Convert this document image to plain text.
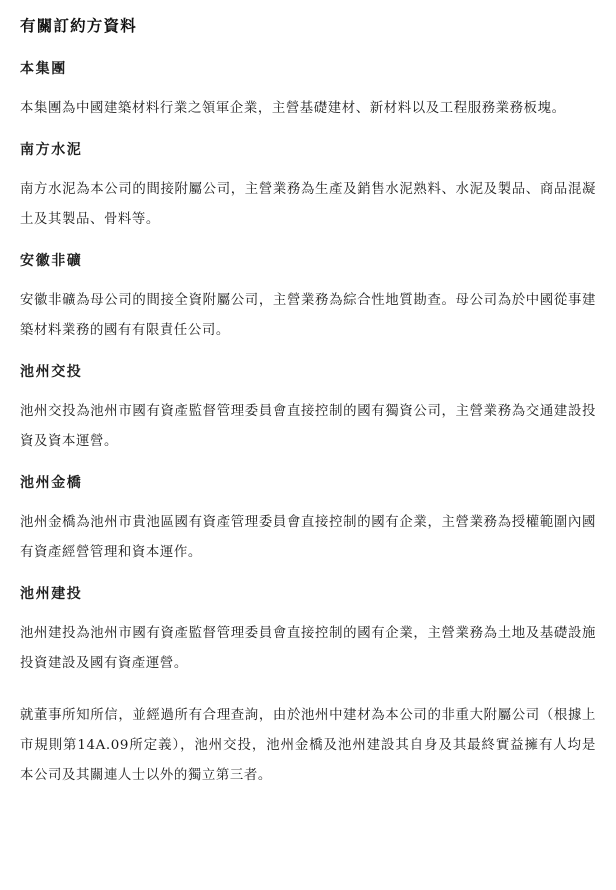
有關訂約方資料
本集團

本集團為中國建築材料行業之領軍企業，主營基礎建材、新材料以及工程服務業務板塊。

南方水泥

南方水泥為本公司的間接附屬公司，主營業務為生產及銷售水泥熟料、水泥及製品、商品混凝土及其製品、骨料等。

安徽非礦

安徽非礦為母公司的間接全資附屬公司，主營業務為綜合性地質勘查。母公司為於中國從事建築材料業務的國有有限責任公司。

池州交投

池州交投為池州市國有資產監督管理委員會直接控制的國有獨資公司，主營業務為交通建設投資及資本運營。

池州金橋

池州金橋為池州市貴池區國有資產管理委員會直接控制的國有企業，主營業務為授權範圍內國有資產經營管理和資本運作。

池州建投

池州建投為池州市國有資產監督管理委員會直接控制的國有企業，主營業務為土地及基礎設施投資建設及國有資產運營。

就董事所知所信，並經過所有合理查詢，由於池州中建材為本公司的非重大附屬公司（根據上市規則第14A.09所定義），池州交投，池州金橋及池州建設其自身及其最終實益擁有人均是本公司及其關連人士以外的獨立第三者。
